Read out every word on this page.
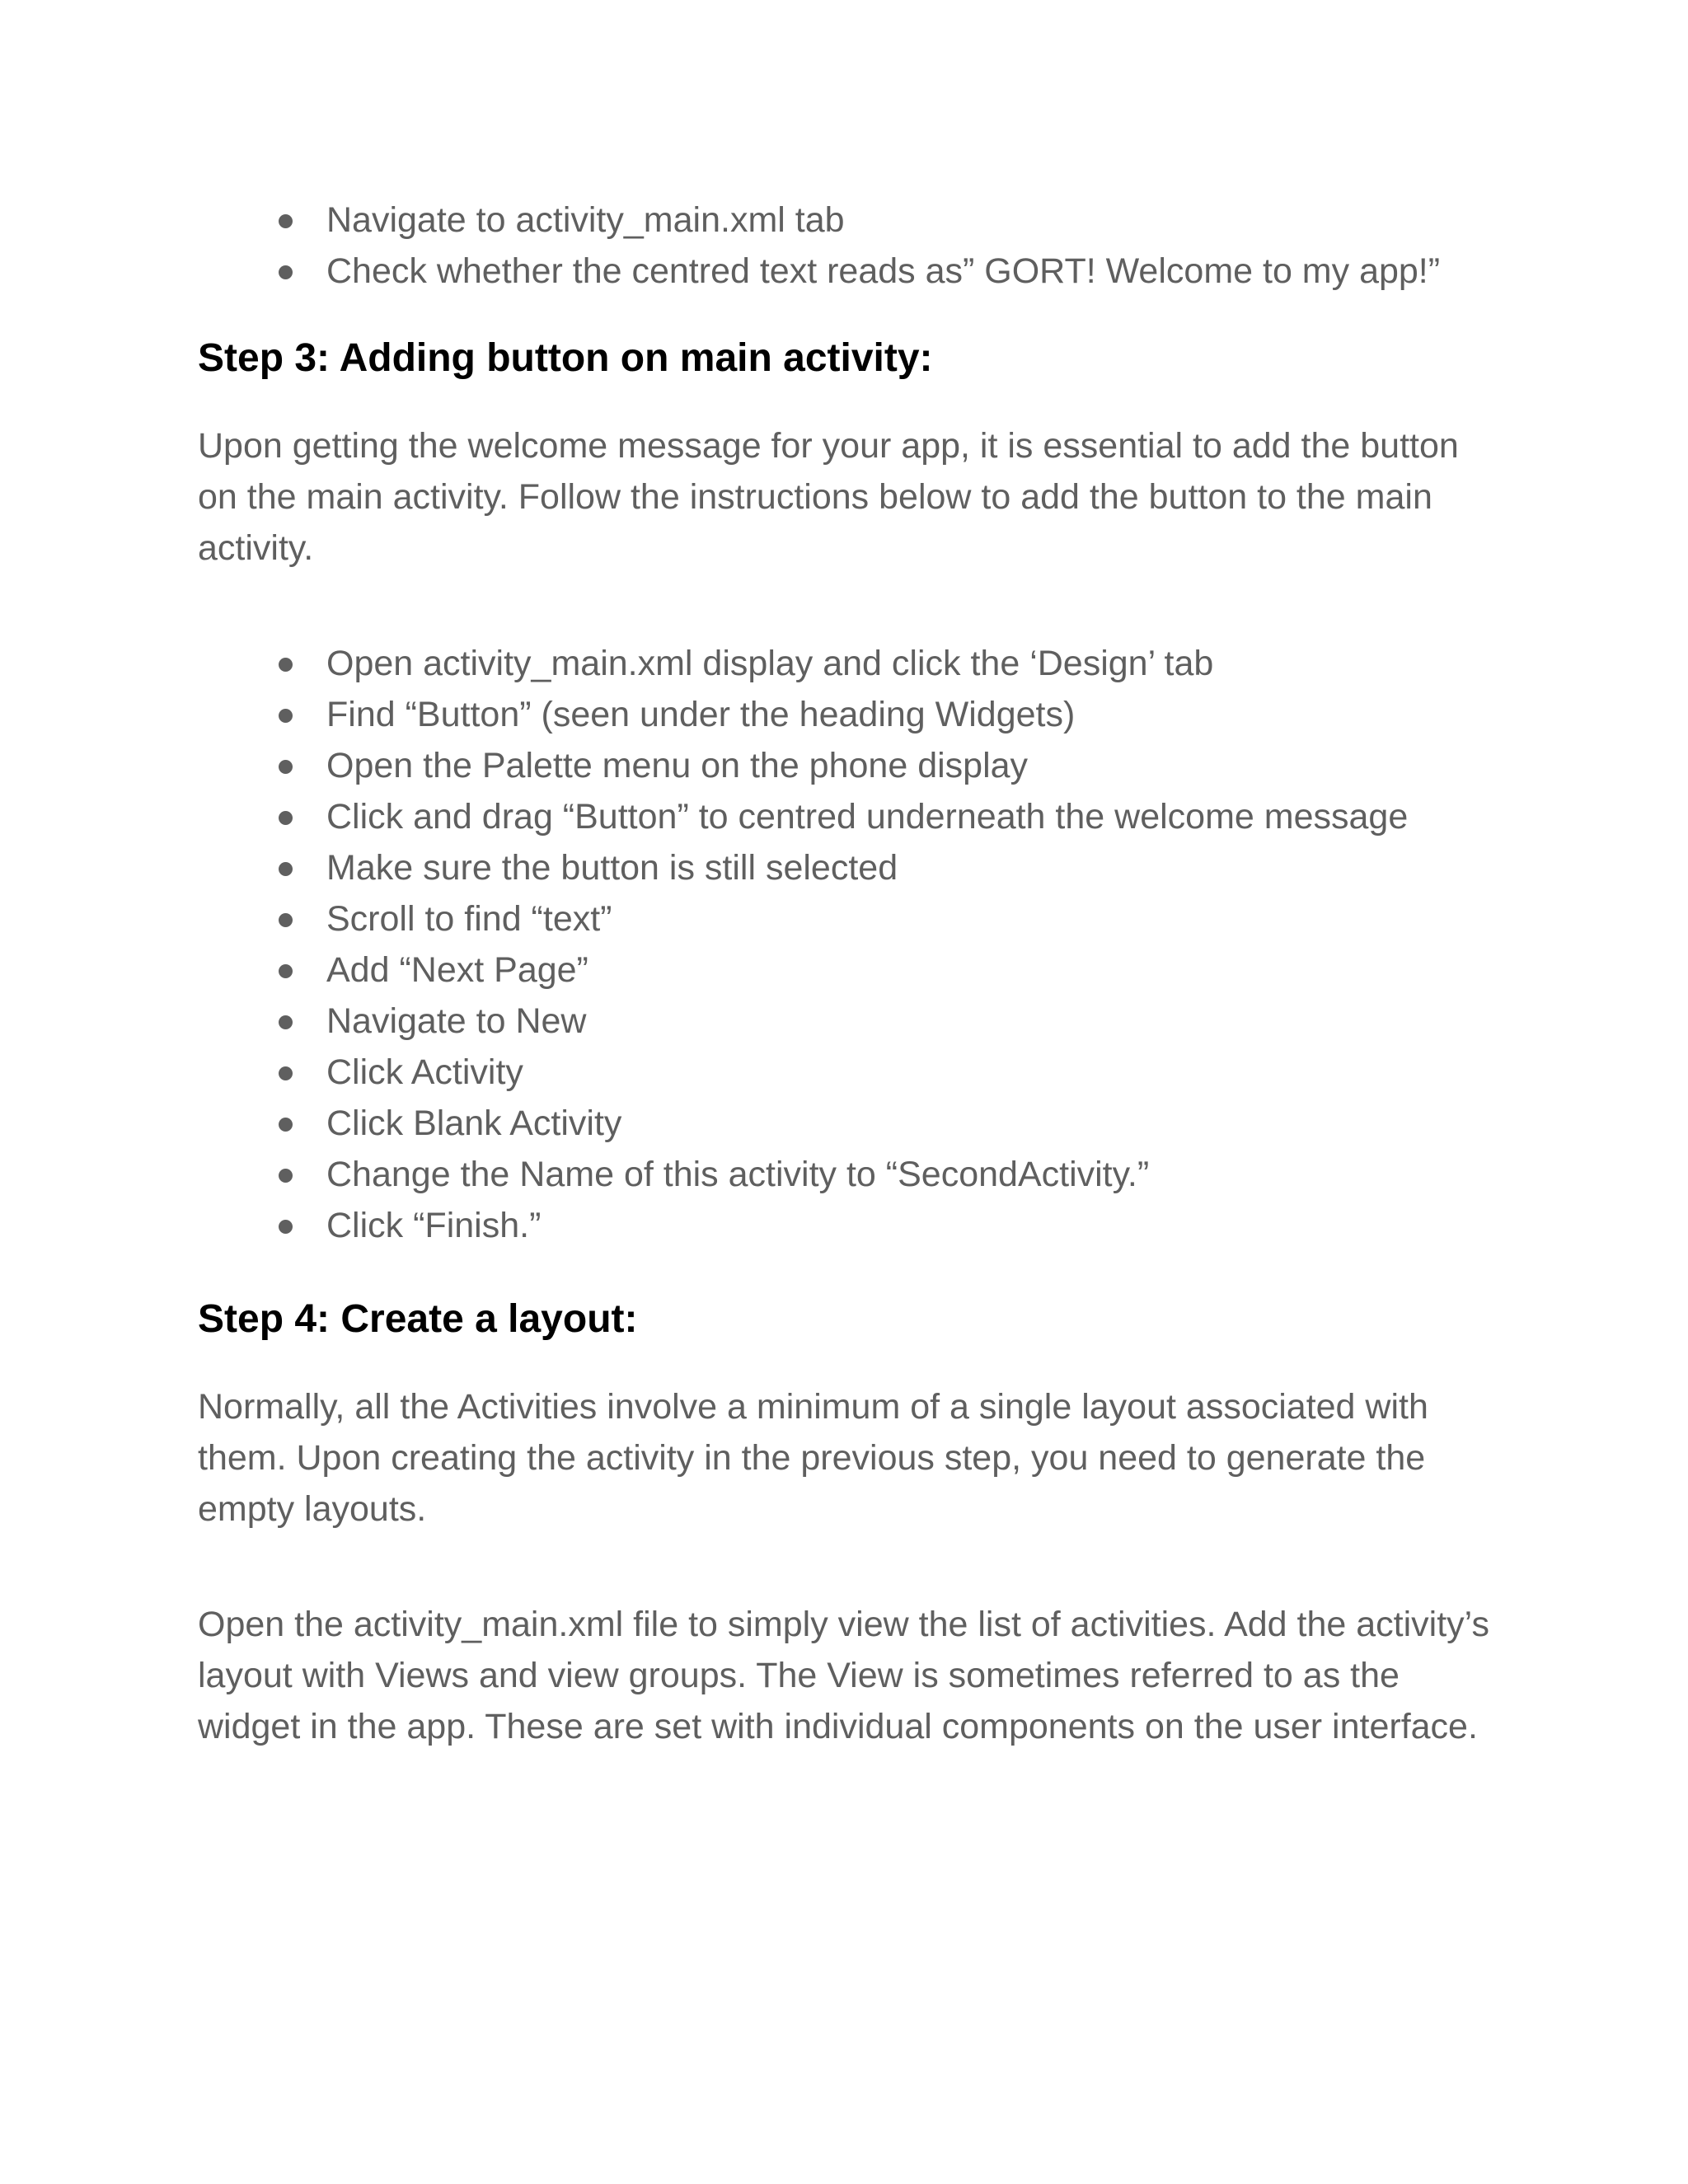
Navigate to activity_main.xml tab
Check whether the centred text reads as” GORT! Welcome to my app!”
Step 3: Adding button on main activity:

Upon getting the welcome message for your app, it is essential to add the button on the main activity. Follow the instructions below to add the button to the main activity.

Open activity_main.xml display and click the ‘Design’ tab
Find “Button” (seen under the heading Widgets)
Open the Palette menu on the phone display
Click and drag “Button” to centred underneath the welcome message
Make sure the button is still selected
Scroll to find “text”
Add “Next Page”
Navigate to New
Click Activity
Click Blank Activity
Change the Name of this activity to “SecondActivity.”
Click “Finish.”
Step 4: Create a layout:

Normally, all the Activities involve a minimum of a single layout associated with them. Upon creating the activity in the previous step, you need to generate the empty layouts.

Open the activity_main.xml file to simply view the list of activities. Add the activity’s layout with Views and view groups. The View is sometimes referred to as the widget in the app. These are set with individual components on the user interface.
